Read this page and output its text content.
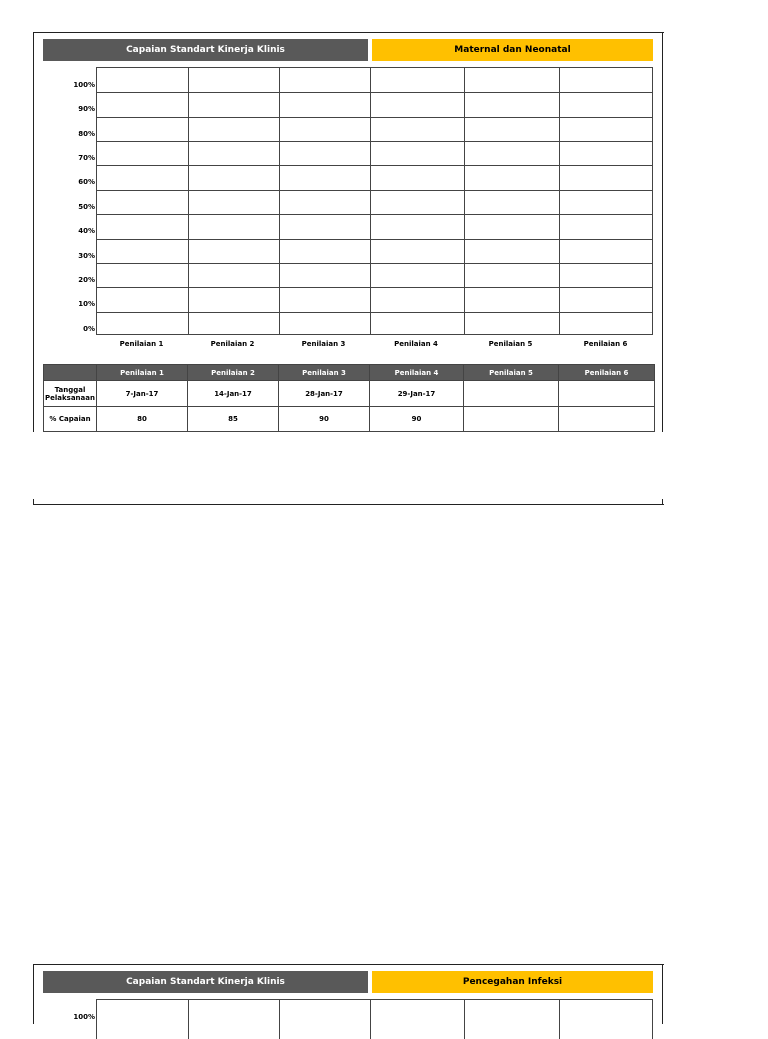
Capaian Standart Kinerja Klinis	Maternal dan Neonatal
100%
90%
80%
70%
60%
50%
40%
30%
20%
10%
0%
Penilaian 1	Penilaian 2	Penilaian 3	Penilaian 4	Penilaian 5	Penilaian 6
	Penilaian 1	Penilaian 2	Penilaian 3	Penilaian 4	Penilaian 5	Penilaian 6
Tanggal Pelaksanaan	7-Jan-17	14-Jan-17	28-Jan-17	29-Jan-17		
% Capaian	80	85	90	90		
Capaian Standart Kinerja Klinis	Pencegahan Infeksi
100%
